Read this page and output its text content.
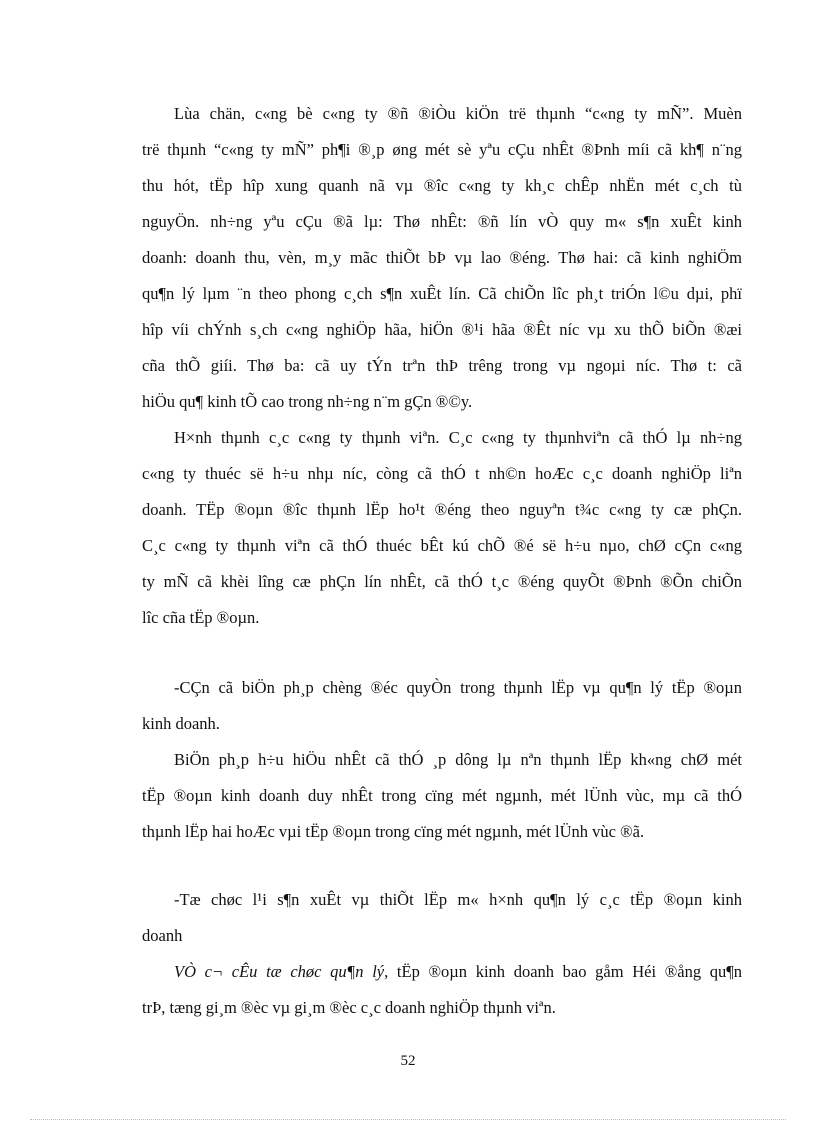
Lùa chän, c«ng bè c«ng ty ®ñ ®iÒu kiÖn trë thµnh “c«ng ty mÑ”. Muèn
trë thµnh “c«ng ty mÑ” ph¶i ®¸p øng mét sè yªu cÇu nhÊt ®Þnh míi cã kh¶ n¨ng
thu hót, tËp hîp xung quanh nã vµ ®îc c«ng ty kh¸c chÊp nhËn mét c¸ch tù
nguyÖn. nh÷ng yªu cÇu ®ã lµ: Thø nhÊt: ®ñ lín vÒ quy m« s¶n xuÊt kinh
doanh: doanh thu, vèn, m¸y mãc thiÕt bÞ vµ lao ®éng. Thø hai: cã kinh nghiÖm
qu¶n lý lµm ¨n theo phong c¸ch s¶n xuÊt lín. Cã chiÕn lîc ph¸t triÓn l©u dµi, phï
hîp víi chÝnh s¸ch c«ng nghiÖp hãa, hiÖn ®¹i hãa ®Êt níc vµ xu thÕ biÕn ®æi
cña thÕ giíi. Thø ba: cã uy tÝn trªn thÞ trêng trong vµ ngoµi níc. Thø t: cã
hiÖu qu¶ kinh tÕ cao trong nh÷ng n¨m gÇn ®©y.
H×nh thµnh c¸c c«ng ty thµnh viªn. C¸c c«ng ty thµnhviªn cã thÓ lµ nh÷ng
c«ng ty thuéc së h÷u nhµ níc, còng cã thÓ t nh©n hoÆc c¸c doanh nghiÖp liªn
doanh. TËp ®oµn ®îc thµnh lËp ho¹t ®éng theo nguyªn t¾c c«ng ty cæ phÇn.
C¸c c«ng ty thµnh viªn cã thÓ thuéc bÊt kú chÕ ®é së h÷u nµo, chØ cÇn c«ng
ty mÑ cã khèi lîng cæ phÇn lín nhÊt, cã thÓ t¸c ®éng quyÕt ®Þnh ®Õn chiÕn
lîc cña tËp ®oµn.
-CÇn cã biÖn ph¸p chèng ®éc quyÒn trong thµnh lËp vµ qu¶n lý tËp ®oµn
kinh doanh.
BiÖn ph¸p h÷u hiÖu nhÊt cã thÓ ¸p dông lµ nªn thµnh lËp kh«ng chØ mét
tËp ®oµn kinh doanh duy nhÊt trong cïng mét ngµnh, mét lÜnh vùc, mµ cã thÓ
thµnh lËp hai hoÆc vµi tËp ®oµn trong cïng mét ngµnh, mét lÜnh vùc ®ã.
-Tæ chøc l¹i s¶n xuÊt vµ thiÕt lËp m« h×nh qu¶n lý c¸c tËp ®oµn kinh
doanh
VÒ c¬ cÊu tæ chøc qu¶n lý, tËp ®oµn kinh doanh bao gåm Héi ®ång qu¶n
trÞ, tæng gi¸m ®èc vµ gi¸m ®èc c¸c doanh nghiÖp thµnh viªn.
52
